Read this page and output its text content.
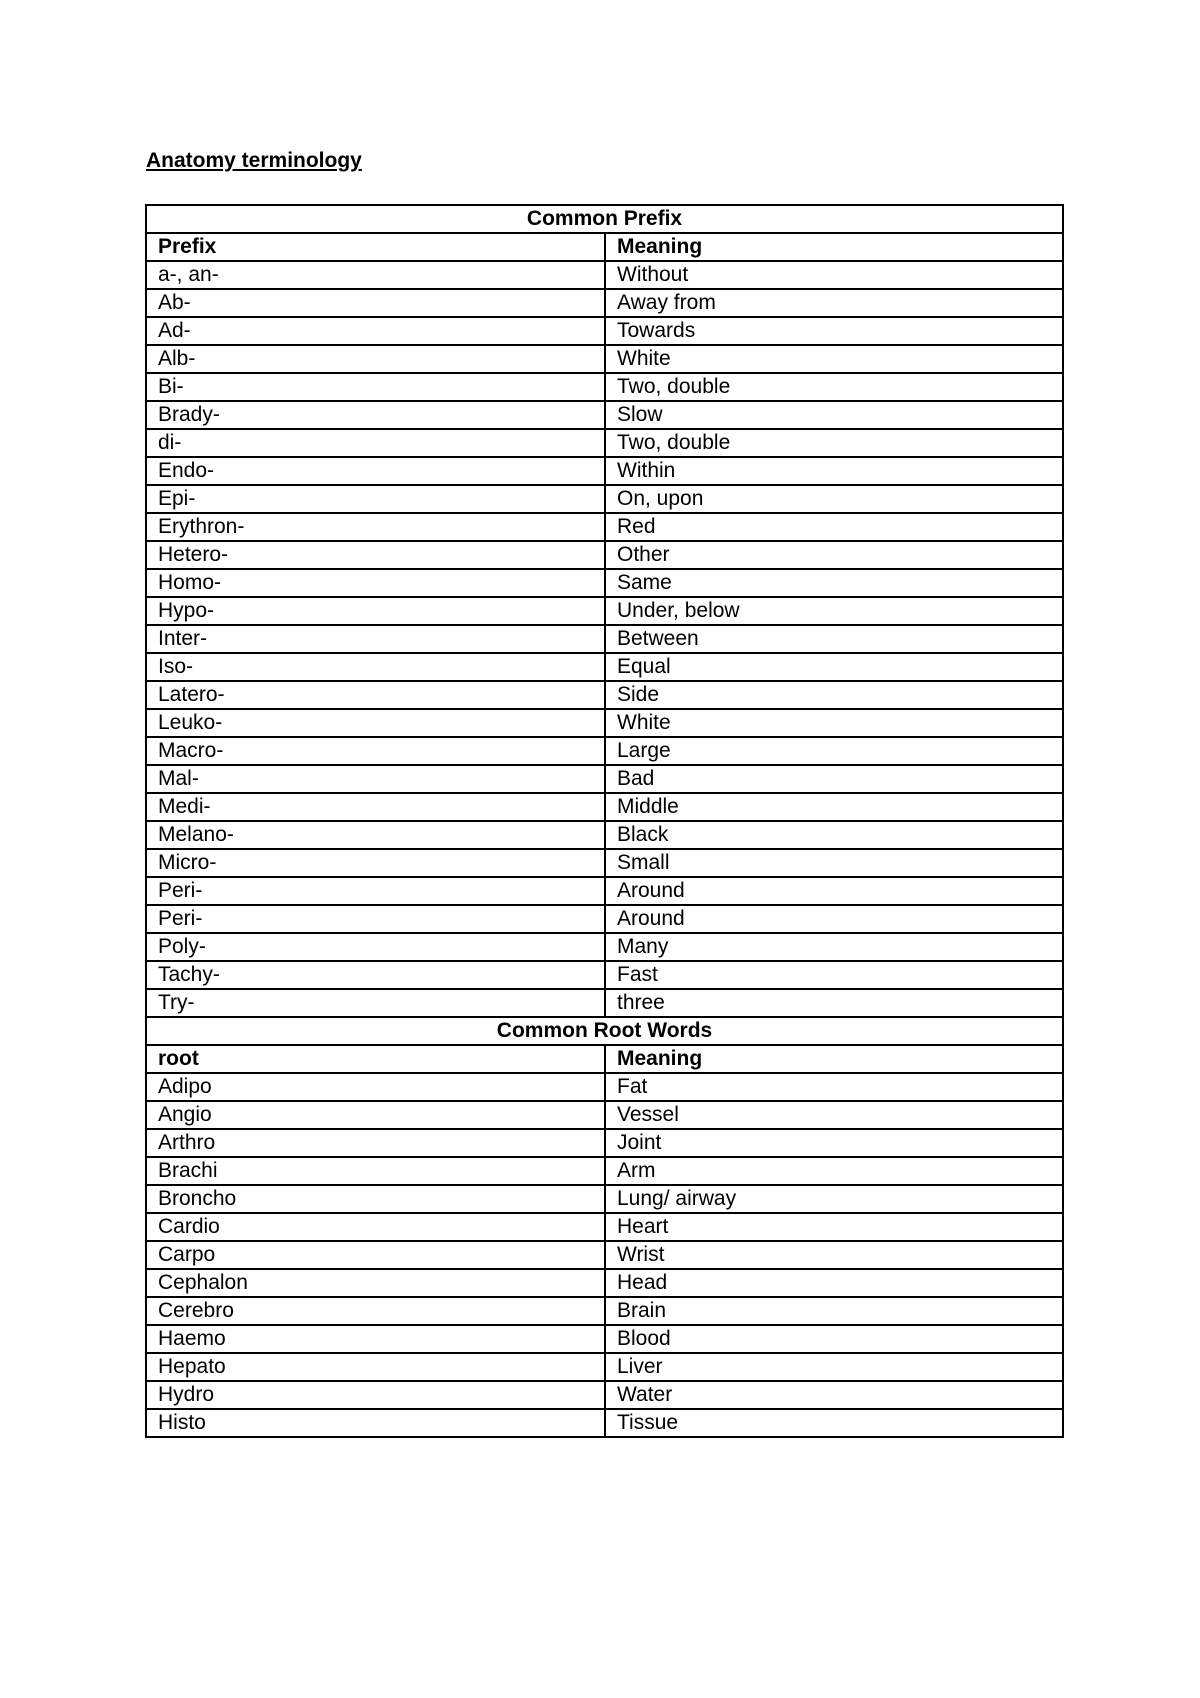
Anatomy terminology
Common Prefix	
Prefix	Meaning
a-, an-	Without
Ab-	Away from
Ad-	Towards
Alb-	White
Bi-	Two, double
Brady-	Slow
di-	Two, double
Endo-	Within
Epi-	On, upon
Erythron-	Red
Hetero-	Other
Homo-	Same
Hypo-	Under, below
Inter-	Between
Iso-	Equal
Latero-	Side
Leuko-	White
Macro-	Large
Mal-	Bad
Medi-	Middle
Melano-	Black
Micro-	Small
Peri-	Around
Peri-	Around
Poly-	Many
Tachy-	Fast
Try-	three
Common Root Words	
root	Meaning
Adipo	Fat
Angio	Vessel
Arthro	Joint
Brachi	Arm
Broncho	Lung/ airway
Cardio	Heart
Carpo	Wrist
Cephalon	Head
Cerebro	Brain
Haemo	Blood
Hepato	Liver
Hydro	Water
Histo	Tissue
